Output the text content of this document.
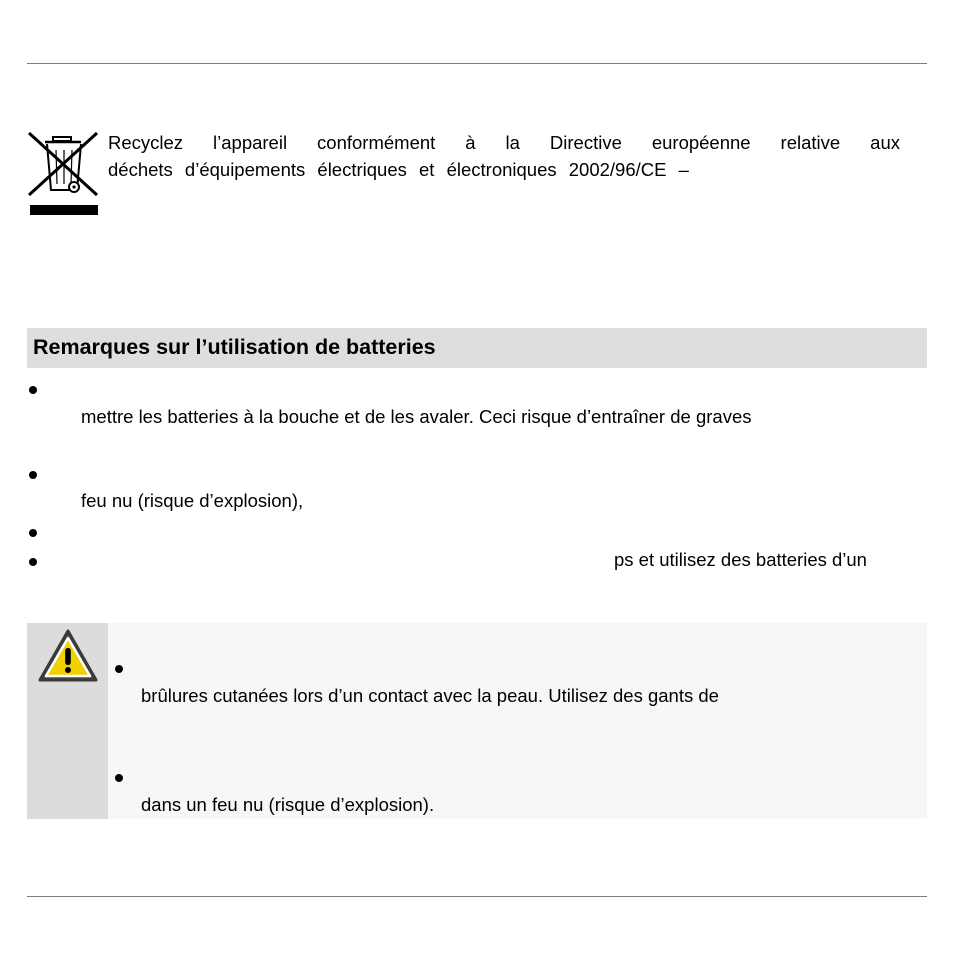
Recyclez l’appareil conformément à la Directive européenne relative aux
déchets d’équipements électriques et électroniques 2002/96/CE –
Remarques sur l’utilisation de batteries
mettre les batteries à la bouche et de les avaler. Ceci risque d’entraîner de graves
feu nu (risque d’explosion),
ps et utilisez des batteries d’un
brûlures cutanées lors d’un contact avec la peau. Utilisez des gants de
dans un feu nu (risque d’explosion).
